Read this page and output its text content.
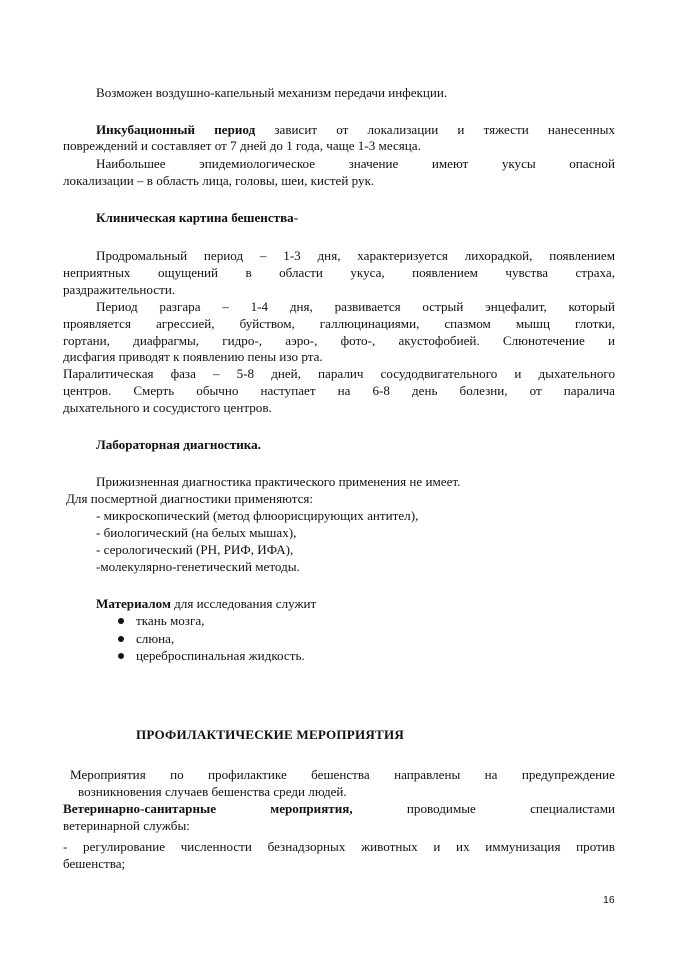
Возможен воздушно-капельный механизм передачи инфекции.
Инкубационный период зависит от локализации и тяжести нанесенных
повреждений и составляет от 7 дней до 1 года, чаще 1-3 месяца.
Наибольшее эпидемиологическое значение имеют укусы опасной
локализации – в область лица, головы, шеи, кистей рук.
Клиническая картина бешенства-
Продромальный период – 1-3 дня, характеризуется лихорадкой, появлением
неприятных ощущений в области укуса, появлением чувства страха,
раздражительности.
Период разгара – 1-4 дня, развивается острый энцефалит, который
проявляется агрессией, буйством, галлюцинациями, спазмом мышц глотки,
гортани, диафрагмы, гидро-, аэро-, фото-, акустофобией. Слюнотечение и
дисфагия приводят к появлению пены изо рта.
Паралитическая фаза – 5-8 дней, паралич сосудодвигательного и дыхательного
центров. Смерть обычно наступает на 6-8 день болезни, от паралича
дыхательного и сосудистого центров.
Лабораторная диагностика.
Прижизненная диагностика практического применения не имеет.
Для посмертной диагностики применяются:
- микроскопический (метод флюорисцирующих антител),
- биологический (на белых мышах),
- серологический (РН, РИФ, ИФА),
-молекулярно-генетический методы.
Материалом для исследования служит
ткань мозга,
слюна,
цереброспинальная жидкость.
ПРОФИЛАКТИЧЕСКИЕ МЕРОПРИЯТИЯ
Мероприятия по профилактике бешенства направлены на предупреждение
возникновения случаев бешенства среди людей.
Ветеринарно-санитарные	мероприятия,	проводимые	специалистами
ветеринарной службы:
- регулирование численности безнадзорных животных и их иммунизация против
бешенства;
16
